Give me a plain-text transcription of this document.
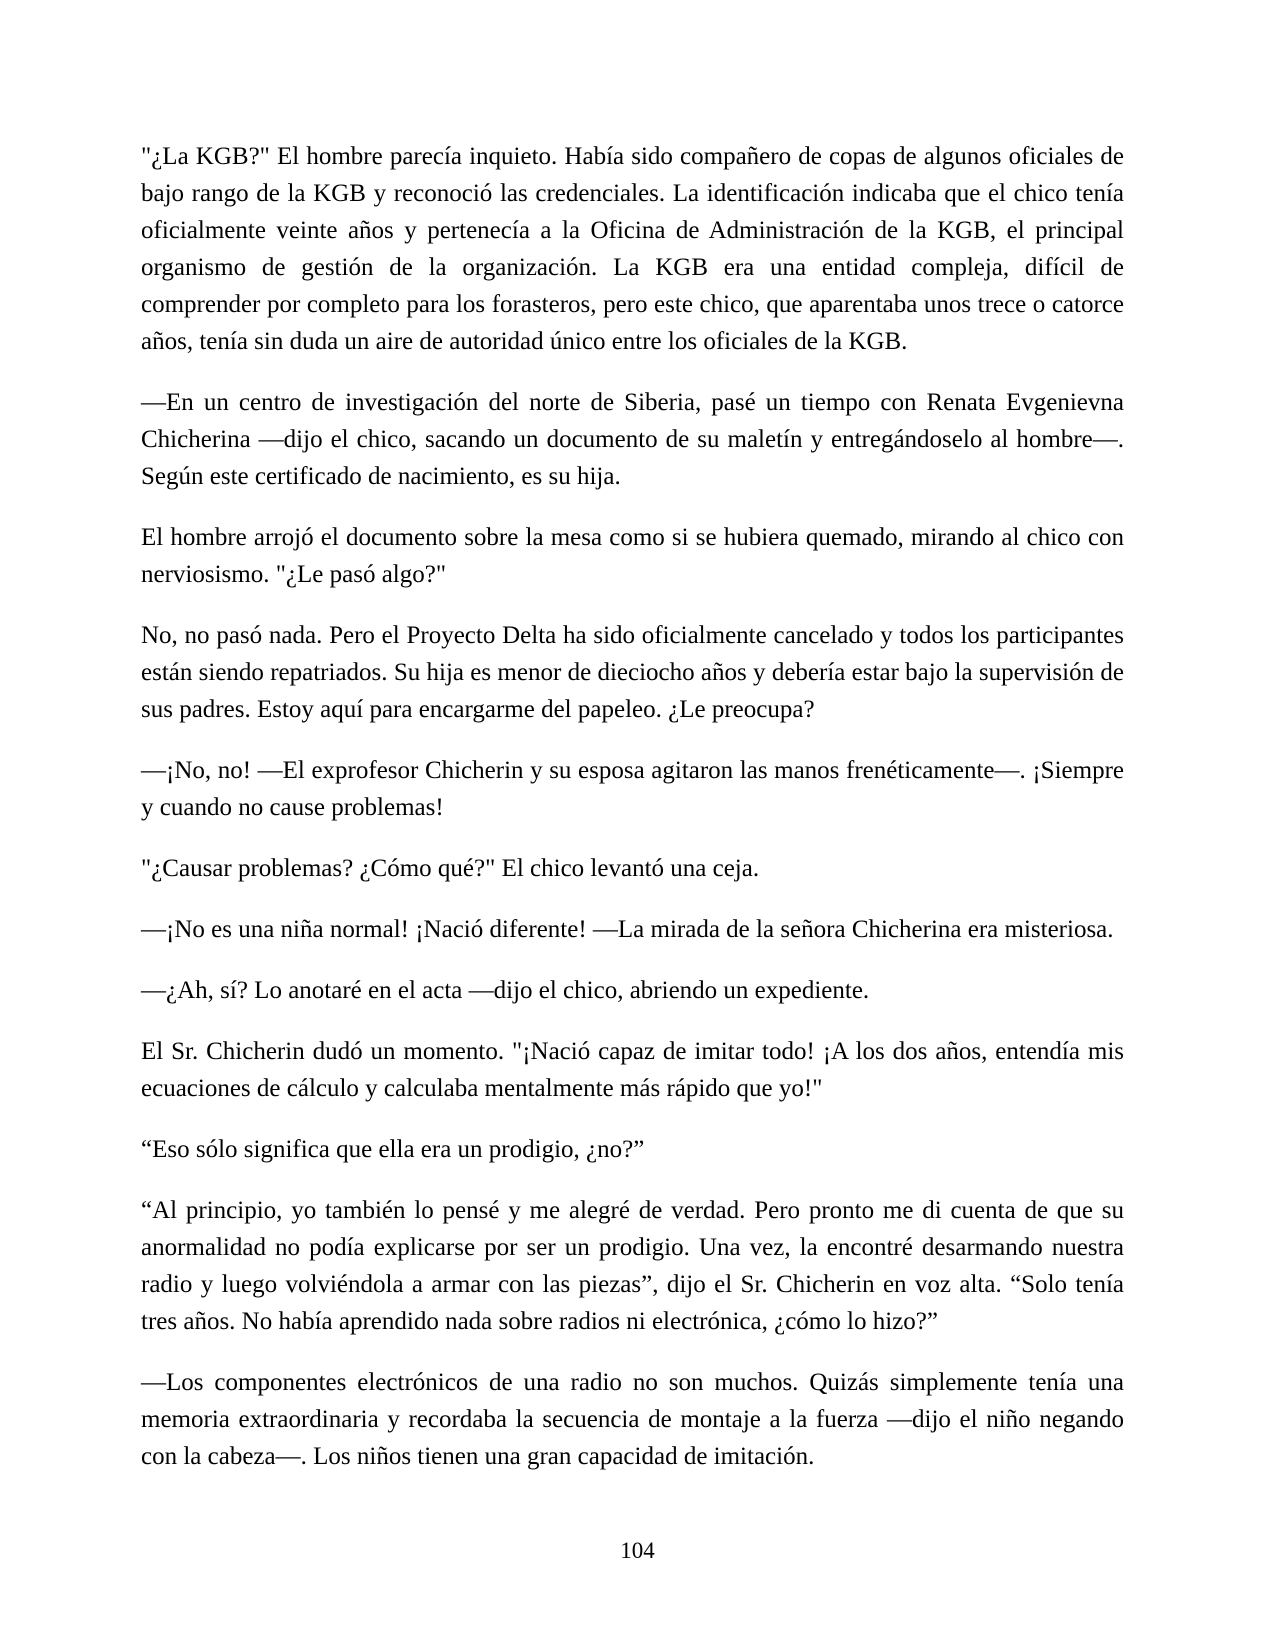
"¿La KGB?" El hombre parecía inquieto. Había sido compañero de copas de algunos oficiales de bajo rango de la KGB y reconoció las credenciales. La identificación indicaba que el chico tenía oficialmente veinte años y pertenecía a la Oficina de Administración de la KGB, el principal organismo de gestión de la organización. La KGB era una entidad compleja, difícil de comprender por completo para los forasteros, pero este chico, que aparentaba unos trece o catorce años, tenía sin duda un aire de autoridad único entre los oficiales de la KGB.

—En un centro de investigación del norte de Siberia, pasé un tiempo con Renata Evgenievna Chicherina —dijo el chico, sacando un documento de su maletín y entregándoselo al hombre—. Según este certificado de nacimiento, es su hija.

El hombre arrojó el documento sobre la mesa como si se hubiera quemado, mirando al chico con nerviosismo. "¿Le pasó algo?"

No, no pasó nada. Pero el Proyecto Delta ha sido oficialmente cancelado y todos los participantes están siendo repatriados. Su hija es menor de dieciocho años y debería estar bajo la supervisión de sus padres. Estoy aquí para encargarme del papeleo. ¿Le preocupa?

—¡No, no! —El exprofesor Chicherin y su esposa agitaron las manos frenéticamente—. ¡Siempre y cuando no cause problemas!

"¿Causar problemas? ¿Cómo qué?" El chico levantó una ceja.

—¡No es una niña normal! ¡Nació diferente! —La mirada de la señora Chicherina era misteriosa.

—¿Ah, sí? Lo anotaré en el acta —dijo el chico, abriendo un expediente.

El Sr. Chicherin dudó un momento. "¡Nació capaz de imitar todo! ¡A los dos años, entendía mis ecuaciones de cálculo y calculaba mentalmente más rápido que yo!"

“Eso sólo significa que ella era un prodigio, ¿no?”

“Al principio, yo también lo pensé y me alegré de verdad. Pero pronto me di cuenta de que su anormalidad no podía explicarse por ser un prodigio. Una vez, la encontré desarmando nuestra radio y luego volviéndola a armar con las piezas”, dijo el Sr. Chicherin en voz alta. “Solo tenía tres años. No había aprendido nada sobre radios ni electrónica, ¿cómo lo hizo?”

—Los componentes electrónicos de una radio no son muchos. Quizás simplemente tenía una memoria extraordinaria y recordaba la secuencia de montaje a la fuerza —dijo el niño negando con la cabeza—. Los niños tienen una gran capacidad de imitación.

104
